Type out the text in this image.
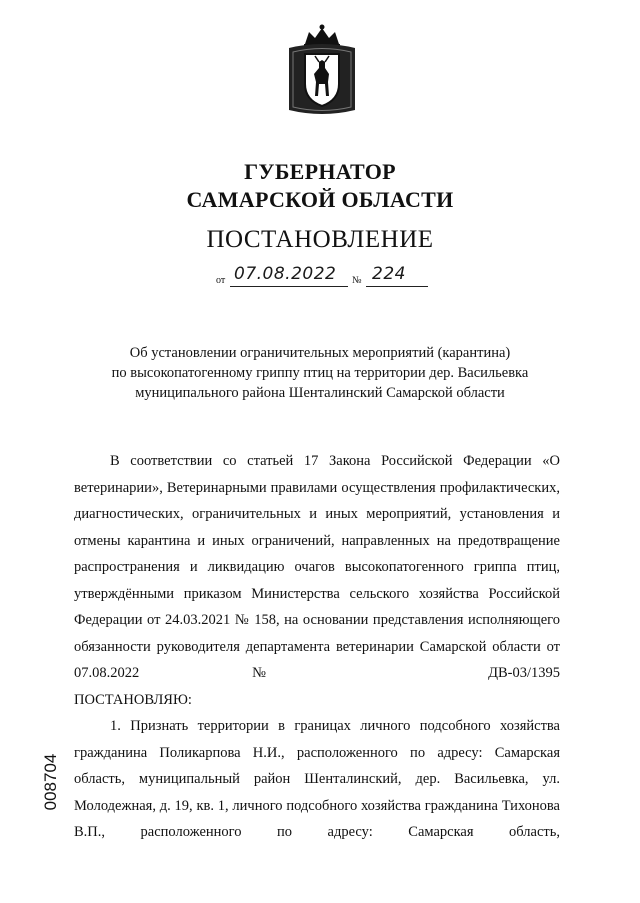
ГУБЕРНАТОР
САМАРСКОЙ ОБЛАСТИ
ПОСТАНОВЛЕНИЕ
от 07.08.2022 № 224
Об установлении ограничительных мероприятий (карантина)
по высокопатогенному гриппу птиц на территории дер. Васильевка
муниципального района Шенталинский Самарской области

В соответствии со статьей 17 Закона Российской Федерации «О ветеринарии», Ветеринарными правилами осуществления профилактических, диагностических, ограничительных и иных мероприятий, установления и отмены карантина и иных ограничений, направленных на предотвращение распространения и ликвидацию очагов высокопатогенного гриппа птиц, утверждёнными приказом Министерства сельского хозяйства Российской Федерации от 24.03.2021 № 158, на основании представления исполняющего обязанности руководителя департамента ветеринарии Самарской области от 07.08.2022 № ДВ-03/1395

ПОСТАНОВЛЯЮ:

1. Признать территории в границах личного подсобного хозяйства гражданина Поликарпова Н.И., расположенного по адресу: Самарская область, муниципальный район Шенталинский, дер. Васильевка, ул. Молодежная, д. 19, кв. 1, личного подсобного хозяйства гражданина Тихонова В.П., расположенного по адресу: Самарская область,

008704
